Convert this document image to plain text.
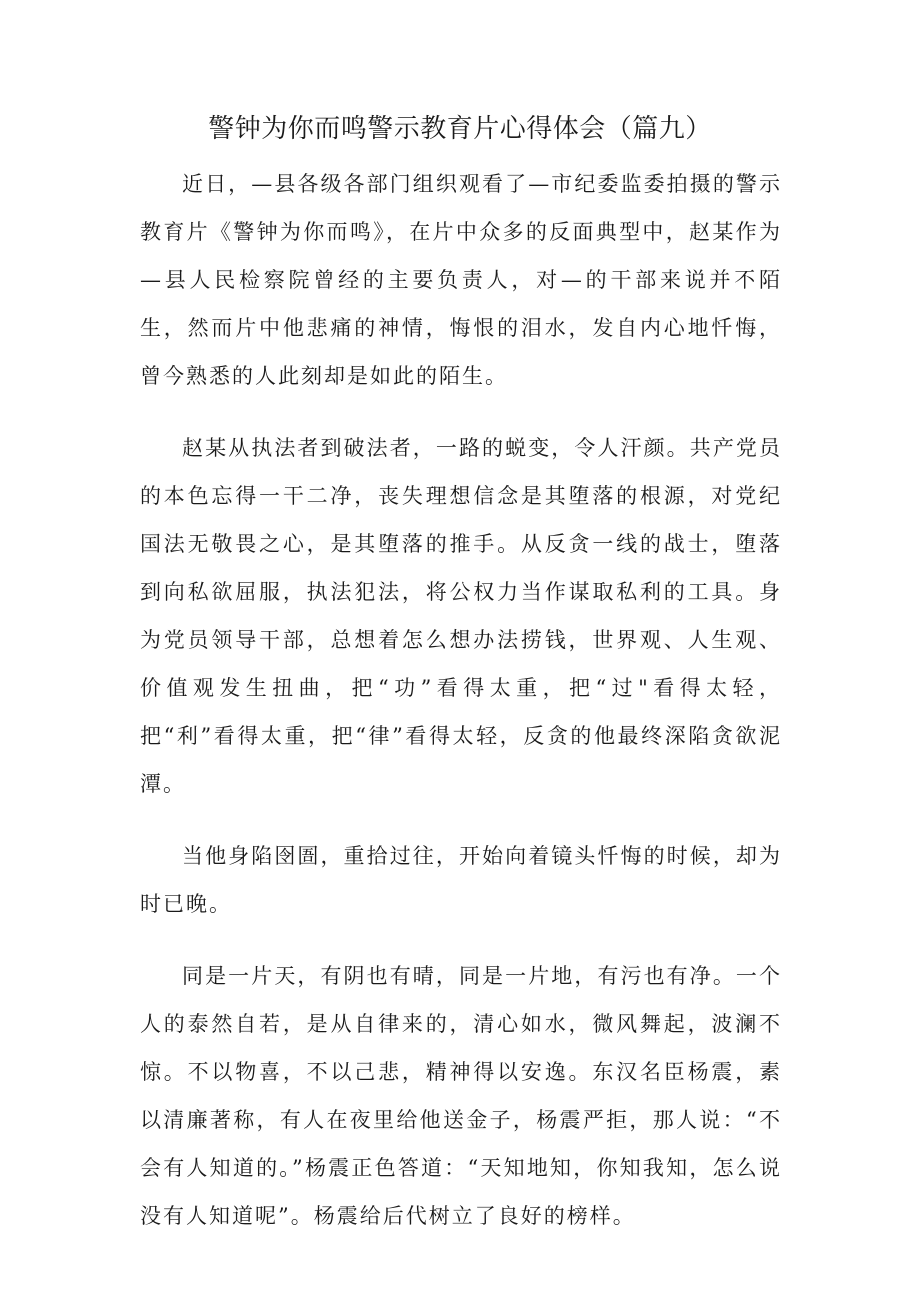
警钟为你而鸣警示教育片心得体会（篇九）

近日，—县各级各部门组织观看了—市纪委监委拍摄的警示教育片《警钟为你而鸣》，在片中众多的反面典型中，赵某作为—县人民检察院曾经的主要负责人，对—的干部来说并不陌生，然而片中他悲痛的神情，悔恨的泪水，发自内心地忏悔，曾今熟悉的人此刻却是如此的陌生。

赵某从执法者到破法者，一路的蜕变，令人汗颜。共产党员的本色忘得一干二净，丧失理想信念是其堕落的根源，对党纪国法无敬畏之心，是其堕落的推手。从反贪一线的战士，堕落到向私欲屈服，执法犯法，将公权力当作谋取私利的工具。身为党员领导干部，总想着怎么想办法捞钱，世界观、人生观、价值观发生扭曲，把“功”看得太重，把“过"看得太轻，把“利”看得太重，把“律”看得太轻，反贪的他最终深陷贪欲泥潭。

当他身陷囹圄，重拾过往，开始向着镜头忏悔的时候，却为时已晚。

同是一片天，有阴也有晴，同是一片地，有污也有净。一个人的泰然自若，是从自律来的，清心如水，微风舞起，波澜不惊。不以物喜，不以己悲，精神得以安逸。东汉名臣杨震，素以清廉著称，有人在夜里给他送金子，杨震严拒，那人说：“不会有人知道的。”杨震正色答道：“天知地知，你知我知，怎么说没有人知道呢”。杨震给后代树立了良好的榜样。
